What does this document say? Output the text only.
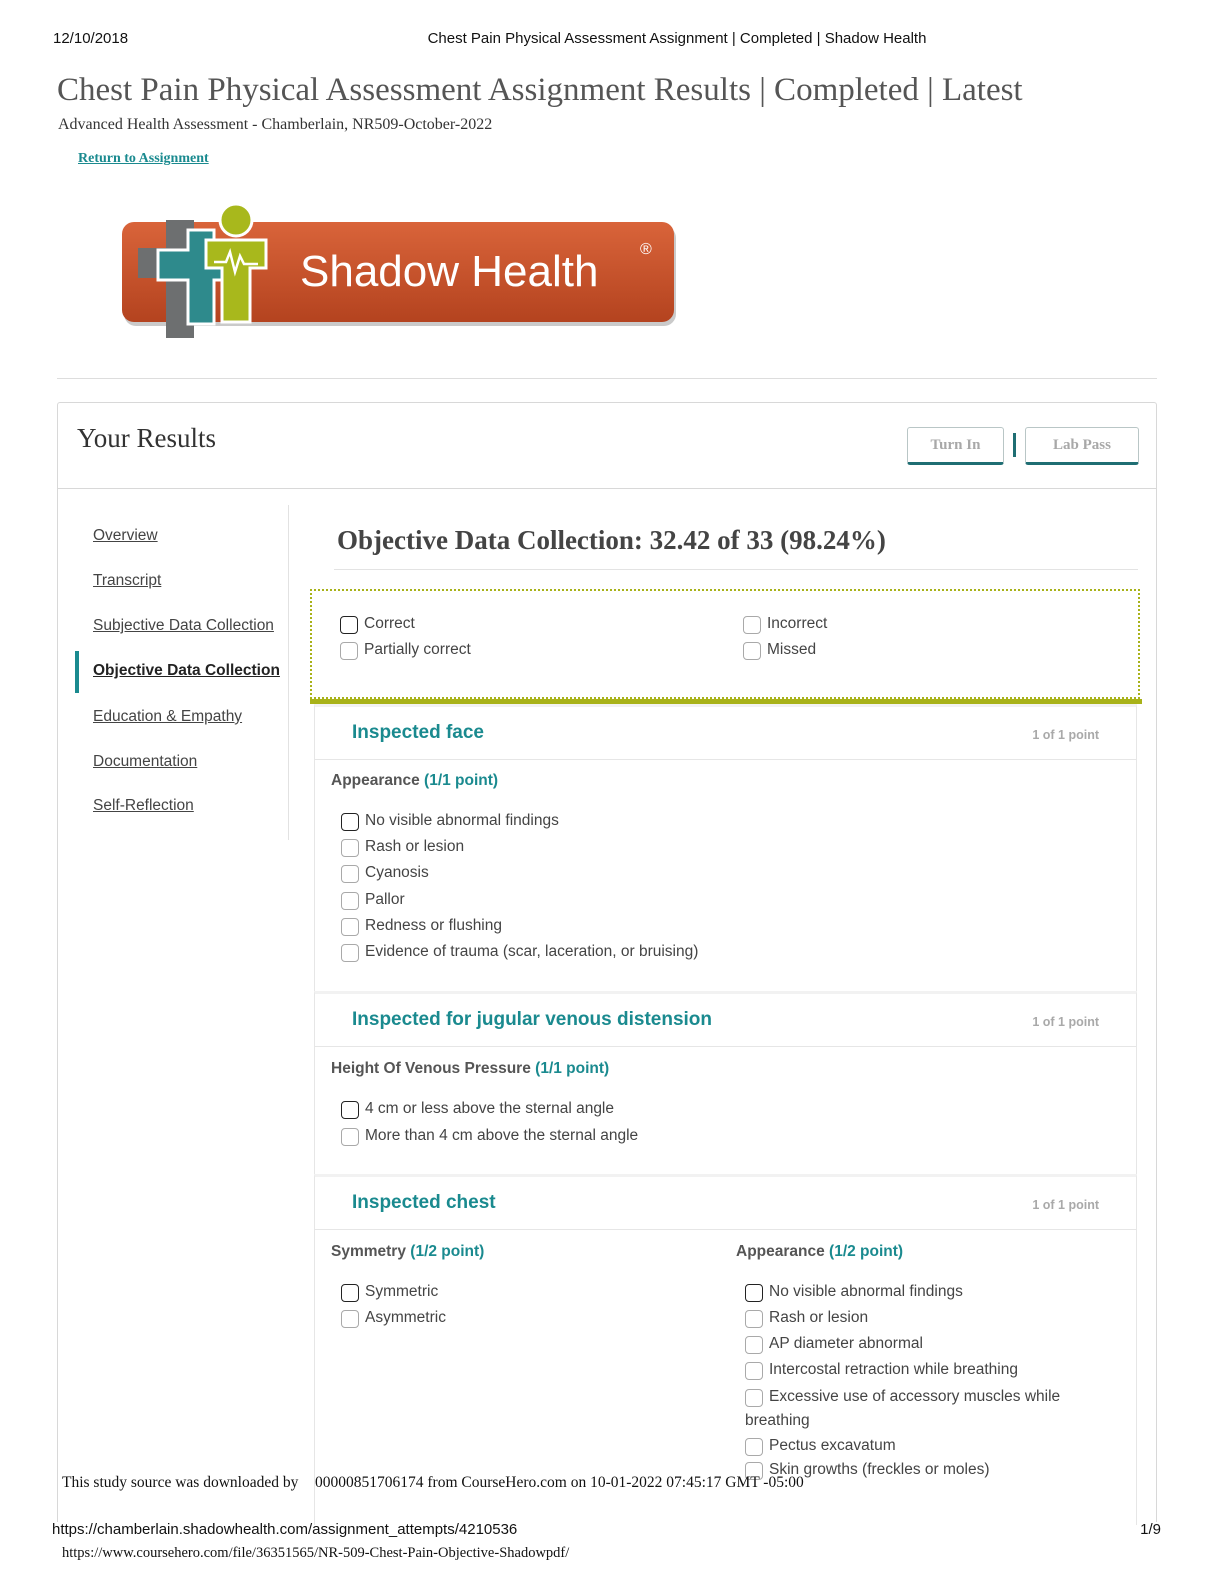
12/10/2018	Chest Pain Physical Assessment Assignment | Completed | Shadow Health
Chest Pain Physical Assessment Assignment Results | Completed | Latest
Advanced Health Assessment - Chamberlain, NR509-October-2022
Return to Assignment
Shadow Health	®
Your Results	Turn In	Lab Pass
Overview
Transcript
Subjective Data Collection
Objective Data Collection
Education & Empathy
Documentation
Self-Reflection
Objective Data Collection: 32.42 of 33 (98.24%)
Correct
Partially correct
Incorrect
Missed
Inspected face	1 of 1 point
Appearance (1/1 point)
No visible abnormal findings
Rash or lesion
Cyanosis
Pallor
Redness or flushing
Evidence of trauma (scar, laceration, or bruising)
Inspected for jugular venous distension	1 of 1 point
Height Of Venous Pressure (1/1 point)
4 cm or less above the sternal angle
More than 4 cm above the sternal angle
Inspected chest	1 of 1 point
Symmetry (1/2 point)
Symmetric
Asymmetric
Appearance (1/2 point)
No visible abnormal findings
Rash or lesion
AP diameter abnormal
Intercostal retraction while breathing
Excessive use of accessory muscles while
breathing
Pectus excavatum
Skin growths (freckles or moles)
This study source was downloaded by 00000851706174 from CourseHero.com on 10-01-2022 07:45:17 GMT -05:00
https://chamberlain.shadowhealth.com/assignment_attempts/4210536	1/9
https://www.coursehero.com/file/36351565/NR-509-Chest-Pain-Objective-Shadowpdf/
